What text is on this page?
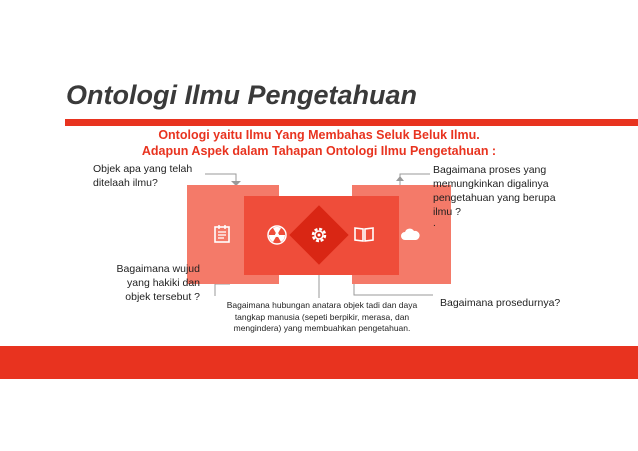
Ontologi Ilmu Pengetahuan
Ontologi yaitu Ilmu Yang Membahas Seluk Beluk Ilmu.
Adapun Aspek dalam Tahapan Ontologi Ilmu Pengetahuan :
Objek apa yang telah ditelaah ilmu?
Bagaimana proses yang memungkinkan digalinya pengetahuan yang berupa ilmu ?
.
Bagaimana wujud yang hakiki dan objek tersebut ?
Bagaimana hubungan anatara objek tadi dan daya tangkap manusia (sepeti berpikir, merasa, dan mengindera) yang membuahkan pengetahuan.
Bagaimana prosedurnya?
